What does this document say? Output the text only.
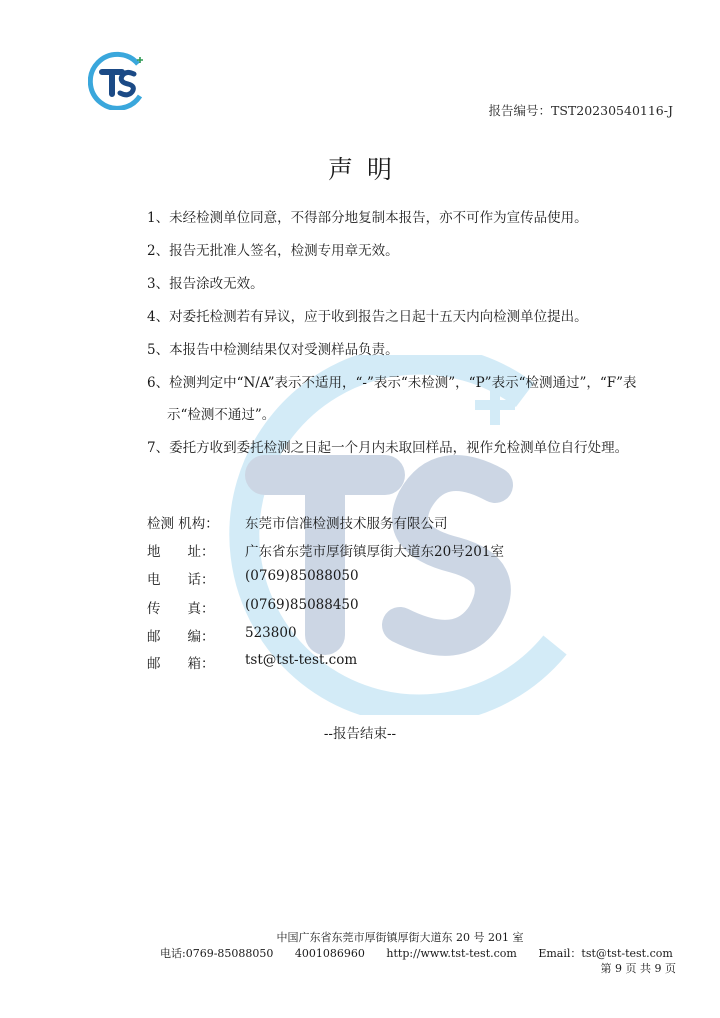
报告编号：TST20230540116-J
声明
1、未经检测单位同意，不得部分地复制本报告，亦不可作为宣传品使用。
2、报告无批准人签名，检测专用章无效。
3、报告涂改无效。
4、对委托检测若有异议，应于收到报告之日起十五天内向检测单位提出。
5、本报告中检测结果仅对受测样品负责。
6、检测判定中“N/A”表示不适用，“-”表示“未检测”，“P”表示“检测通过”，“F”表
示“检测不通过”。
7、委托方收到委托检测之日起一个月内未取回样品，视作允检测单位自行处理。
检测 机构：	东莞市信准检测技术服务有限公司
地　　址：	广东省东莞市厚街镇厚街大道东20号201室
电　　话：	(0769)85088050
传　　真：	(0769)85088450
邮　　编：	523800
邮　　箱：	tst@tst-test.com
--报告结束--
中国广东省东莞市厚街镇厚街大道东 20 号 201 室
电话:0769-85088050 4001086960 http://www.tst-test.com Email：tst@tst-test.com
第 9 页 共 9 页
